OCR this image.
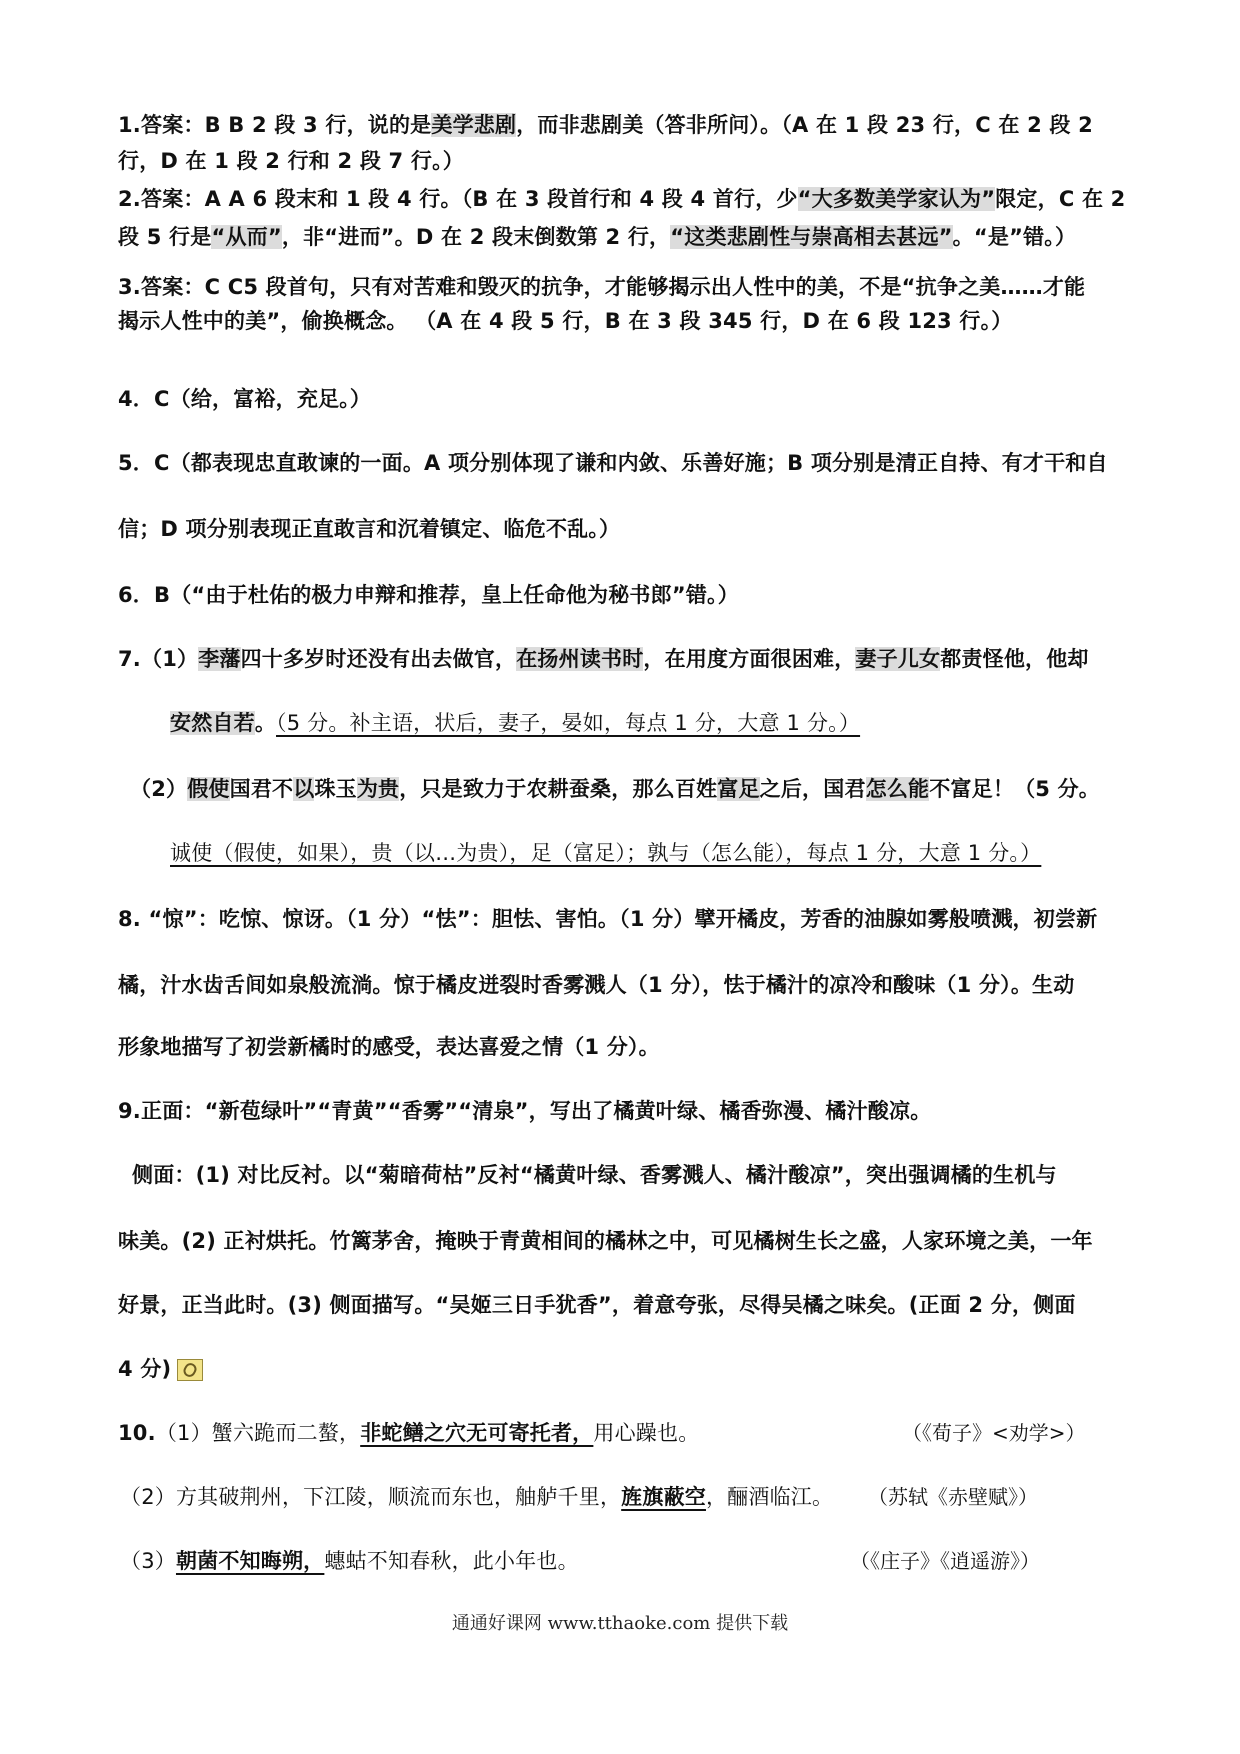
1.答案：B B 2 段 3 行，说的是美学悲剧，而非悲剧美（答非所问）。（A 在 1 段 23 行，C 在 2 段 2
行，D 在 1 段 2 行和 2 段 7 行。）
2.答案：A A 6 段末和 1 段 4 行。（B 在 3 段首行和 4 段 4 首行，少“大多数美学家认为”限定，C 在 2
段 5 行是“从而”，非“进而”。D 在 2 段末倒数第 2 行，“这类悲剧性与崇高相去甚远”。“是”错。）
3.答案：C C5 段首句，只有对苦难和毁灭的抗争，才能够揭示出人性中的美，不是“抗争之美……才能
揭示人性中的美”，偷换概念。 （A 在 4 段 5 行，B 在 3 段 345 行，D 在 6 段 123 行。）
4．C（给，富裕，充足。）
5．C（都表现忠直敢谏的一面。A 项分别体现了谦和内敛、乐善好施；B 项分别是清正自持、有才干和自
信；D 项分别表现正直敢言和沉着镇定、临危不乱。）
6．B（“由于杜佑的极力申辩和推荐，皇上任命他为秘书郎”错。）
7.（1）李藩四十多岁时还没有出去做官，在扬州读书时，在用度方面很困难，妻子儿女都责怪他，他却
安然自若。（5 分。补主语，状后，妻子，晏如，每点 1 分，大意 1 分。）
（2）假使国君不以珠玉为贵，只是致力于农耕蚕桑，那么百姓富足之后，国君怎么能不富足！（5 分。
诚使（假使，如果），贵（以…为贵），足（富足）；孰与（怎么能），每点 1 分，大意 1 分。）
8. “惊”：吃惊、惊讶。（1 分）“怯”：胆怯、害怕。（1 分）擘开橘皮，芳香的油腺如雾般喷溅，初尝新
橘，汁水齿舌间如泉般流淌。惊于橘皮迸裂时香雾溅人（1 分），怯于橘汁的凉冷和酸味（1 分）。生动
形象地描写了初尝新橘时的感受，表达喜爱之情（1 分）。
9.正面：“新苞绿叶”“青黄”“香雾”“清泉”，写出了橘黄叶绿、橘香弥漫、橘汁酸凉。
侧面：(1) 对比反衬。以“菊暗荷枯”反衬“橘黄叶绿、香雾溅人、橘汁酸凉”，突出强调橘的生机与
味美。(2) 正衬烘托。竹篱茅舍，掩映于青黄相间的橘林之中，可见橘树生长之盛，人家环境之美，一年
好景，正当此时。(3) 侧面描写。“吴姬三日手犹香”，着意夸张，尽得吴橘之味矣。(正面 2 分，侧面
4 分)
10.（1）蟹六跪而二螯，非蛇鳝之穴无可寄托者，用心躁也。	（《荀子》<劝学>）
（2）方其破荆州，下江陵，顺流而东也，舳舻千里，旌旗蔽空，酾酒临江。	（苏轼《赤壁赋》）
（3）朝菌不知晦朔，蟪蛄不知春秋，此小年也。	（《庄子》《逍遥游》）
通通好课网 www.tthaoke.com 提供下载
